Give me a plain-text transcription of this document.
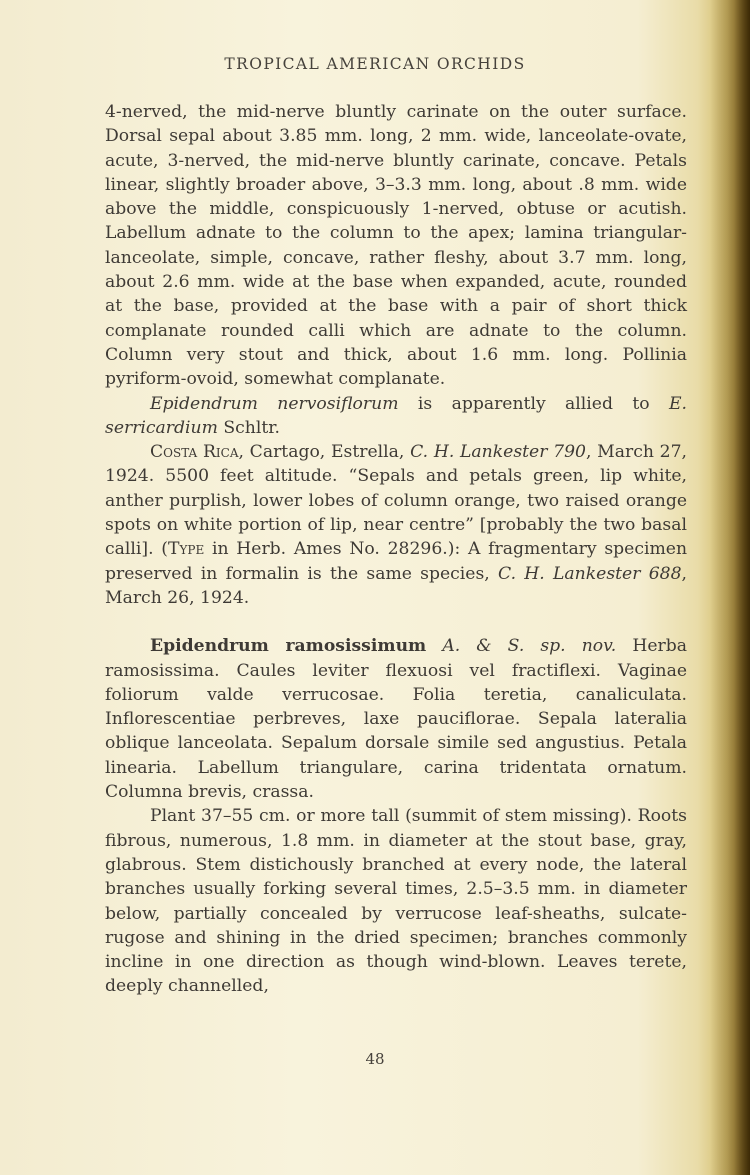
TROPICAL AMERICAN ORCHIDS

4-nerved, the mid-nerve bluntly carinate on the outer surface. Dorsal sepal about 3.85 mm. long, 2 mm. wide, lanceolate-ovate, acute, 3-nerved, the mid-nerve bluntly carinate, concave. Petals linear, slightly broader above, 3–3.3 mm. long, about .8 mm. wide above the middle, conspicuously 1-nerved, obtuse or acutish. Labellum adnate to the column to the apex; lamina triangular-lanceolate, simple, concave, rather fleshy, about 3.7 mm. long, about 2.6 mm. wide at the base when expanded, acute, rounded at the base, provided at the base with a pair of short thick complanate rounded calli which are adnate to the column. Column very stout and thick, about 1.6 mm. long. Pollinia pyriform-ovoid, somewhat complanate.

Epidendrum nervosiflorum is apparently allied to E. serricardium Schltr.

Costa Rica, Cartago, Estrella, C. H. Lankester 790, March 27, 1924. 5500 feet altitude. “Sepals and petals green, lip white, anther purplish, lower lobes of column orange, two raised orange spots on white portion of lip, near centre” [probably the two basal calli]. (Type in Herb. Ames No. 28296.): A fragmentary specimen preserved in formalin is the same species, C. H. Lankester 688, March 26, 1924.

Epidendrum ramosissimum A. & S. sp. nov. Herba ramosissima. Caules leviter flexuosi vel fractiflexi. Vaginae foliorum valde verrucosae. Folia teretia, canaliculata. Inflorescentiae perbreves, laxe pauciflorae. Sepala lateralia oblique lanceolata. Sepalum dorsale simile sed angustius. Petala linearia. Labellum triangulare, carina tridentata ornatum. Columna brevis, crassa.

Plant 37–55 cm. or more tall (summit of stem missing). Roots fibrous, numerous, 1.8 mm. in diameter at the stout base, gray, glabrous. Stem distichously branched at every node, the lateral branches usually forking several times, 2.5–3.5 mm. in diameter below, partially concealed by verrucose leaf-sheaths, sulcate-rugose and shining in the dried specimen; branches commonly incline in one direction as though wind-blown. Leaves terete, deeply channelled,

48
